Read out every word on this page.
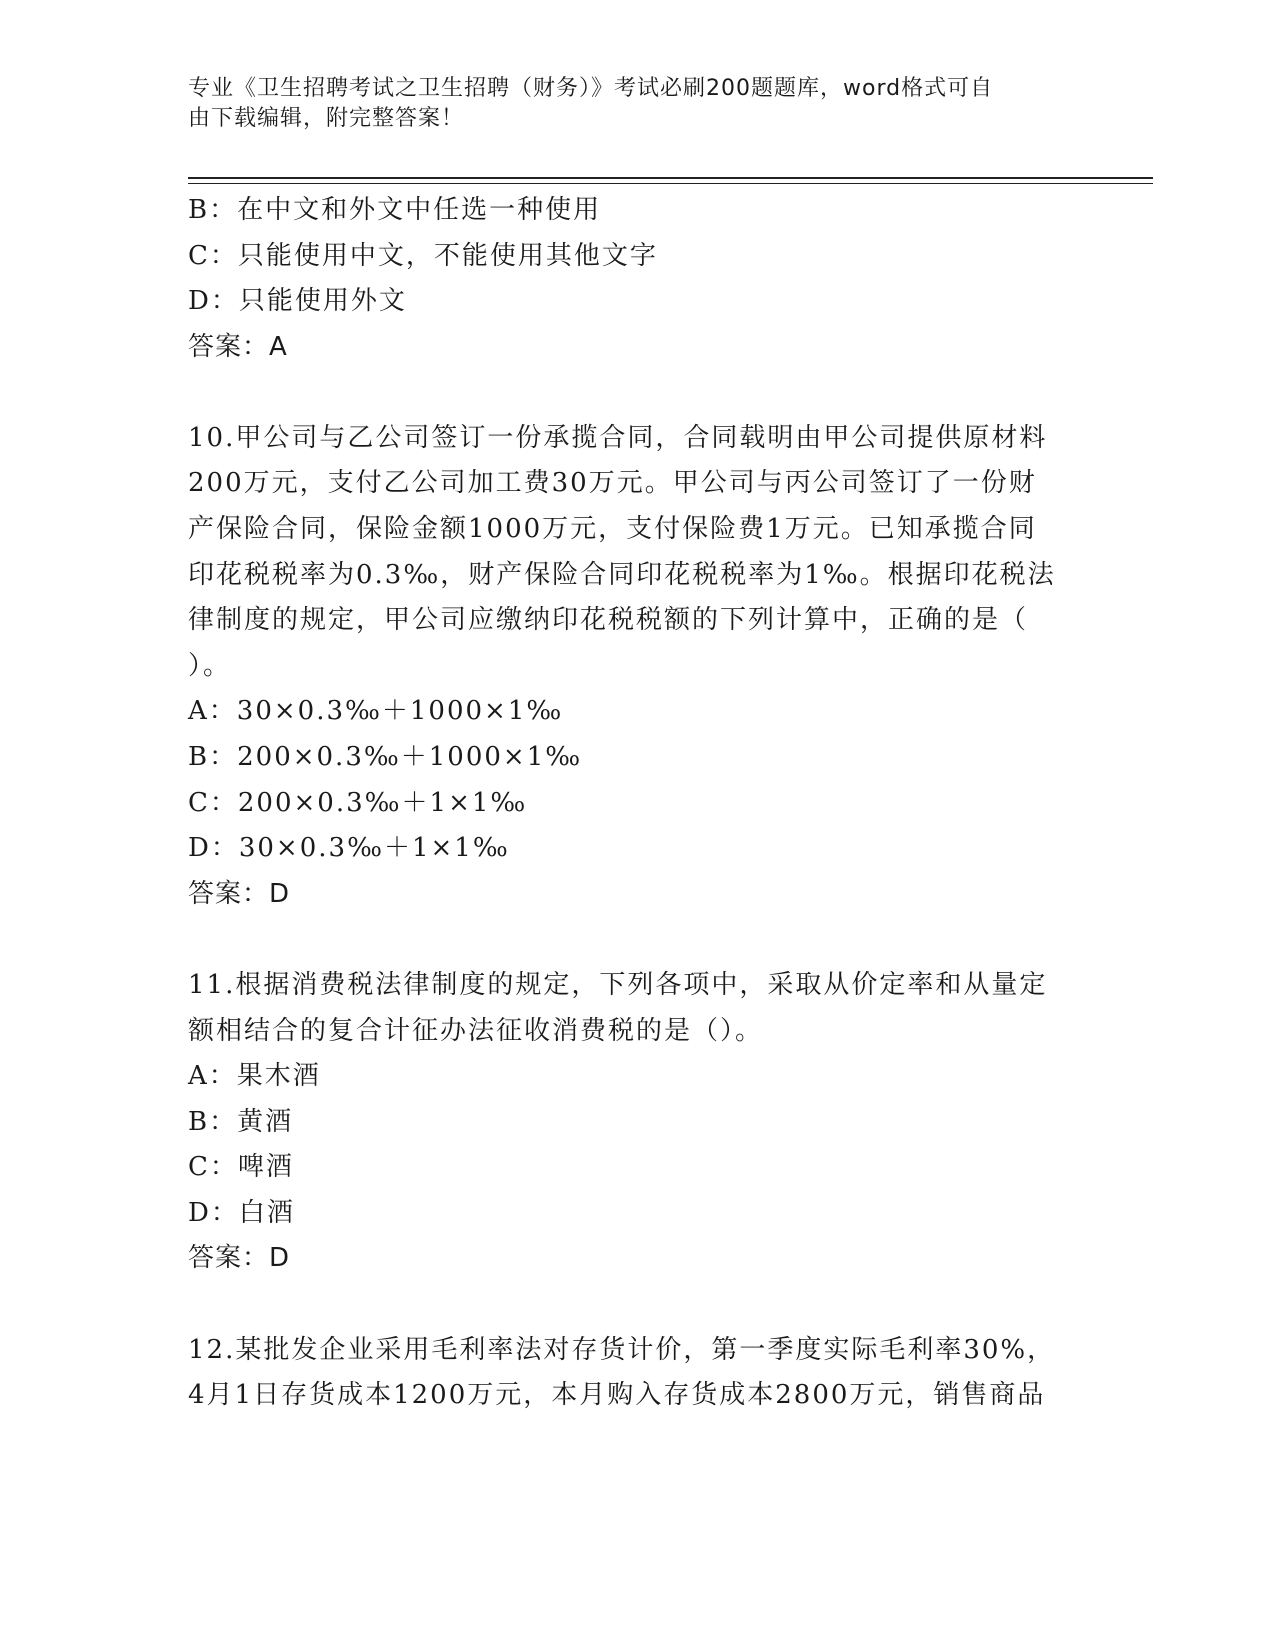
专业《卫生招聘考试之卫生招聘（财务）》考试必刷200题题库，word格式可自
由下载编辑，附完整答案！
B：在中文和外文中任选一种使用
C：只能使用中文，不能使用其他文字
D：只能使用外文
答案：A
10.甲公司与乙公司签订一份承揽合同，合同载明由甲公司提供原材料
200万元，支付乙公司加工费30万元。甲公司与丙公司签订了一份财
产保险合同，保险金额1000万元，支付保险费1万元。已知承揽合同
印花税税率为0.3‰，财产保险合同印花税税率为1‰。根据印花税法
律制度的规定，甲公司应缴纳印花税税额的下列计算中，正确的是（
）。
A：30×0.3‰＋1000×1‰
B：200×0.3‰＋1000×1‰
C：200×0.3‰＋1×1‰
D：30×0.3‰＋1×1‰
答案：D
11.根据消费税法律制度的规定，下列各项中，采取从价定率和从量定
额相结合的复合计征办法征收消费税的是（）。
A：果木酒
B：黄酒
C：啤酒
D：白酒
答案：D
12.某批发企业采用毛利率法对存货计价，第一季度实际毛利率30%，
4月1日存货成本1200万元，本月购入存货成本2800万元，销售商品
